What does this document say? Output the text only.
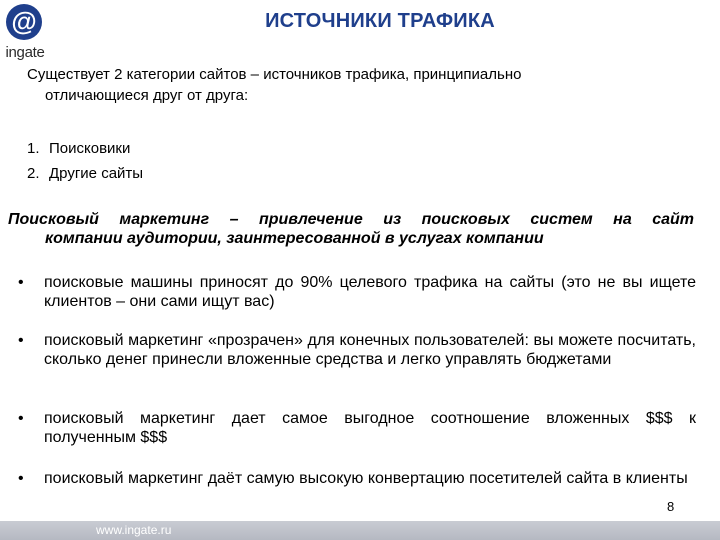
@
ingate
ИСТОЧНИКИ ТРАФИКА
Существует 2 категории сайтов – источников трафика, принципиально
отличающиеся друг от друга:
1. Поисковики
2. Другие сайты
Поисковый маркетинг – привлечение из поисковых систем на сайт
компании аудитории, заинтересованной в услугах компании
• поисковые машины приносят до 90% целевого трафика на сайты (это не вы ищете клиентов – они сами ищут вас)
• поисковый маркетинг «прозрачен» для конечных пользователей: вы можете посчитать, сколько денег принесли вложенные средства и легко управлять бюджетами
• поисковый маркетинг дает самое выгодное соотношение вложенных $$$ к полученным $$$
• поисковый маркетинг даёт самую высокую конвертацию посетителей сайта в клиенты
8
www.ingate.ru
